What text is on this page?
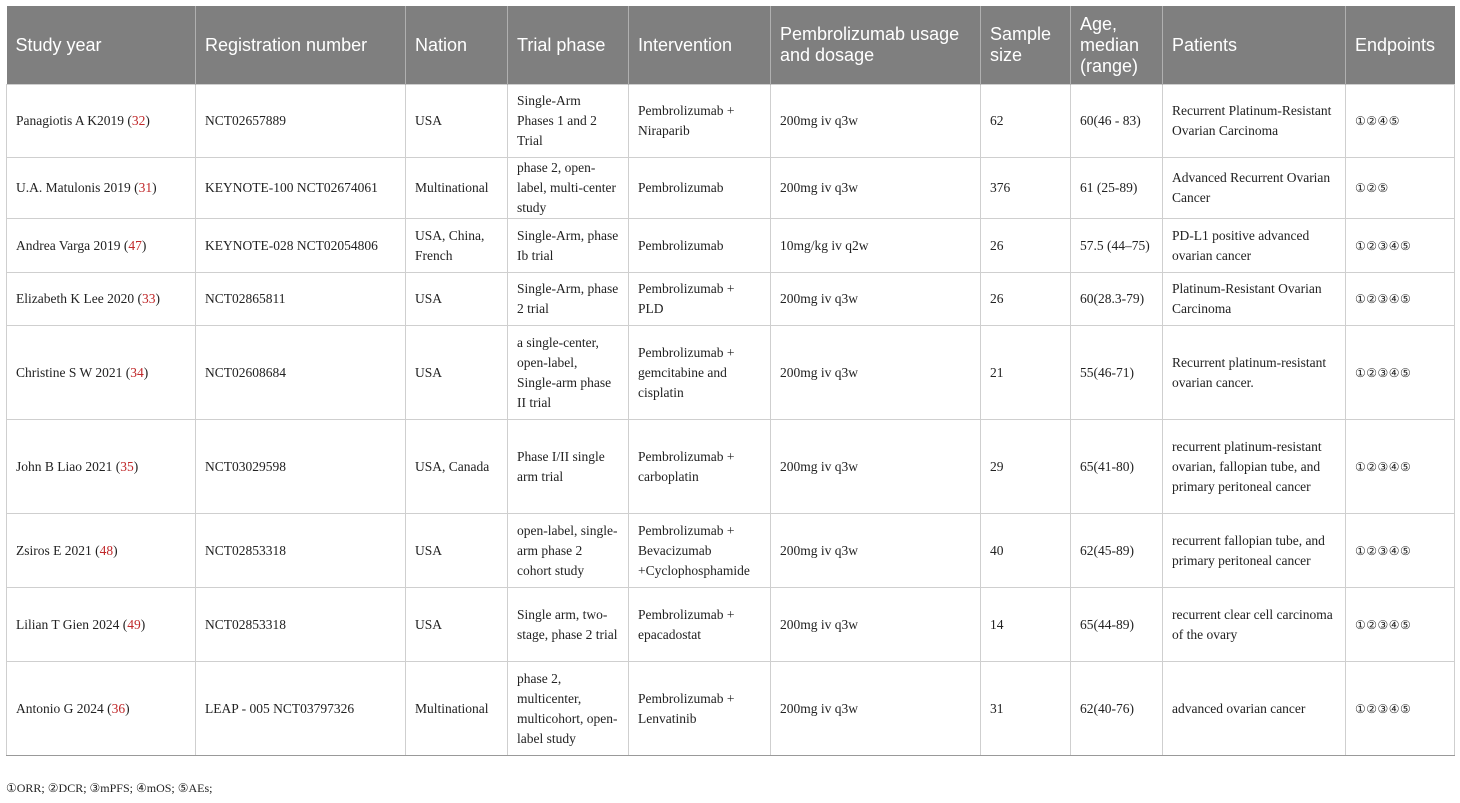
Study year	Registration number	Nation	Trial phase	Intervention	Pembrolizumab usage and dosage	Sample size	Age, median (range)	Patients	Endpoints
Panagiotis A K2019 (32)	NCT02657889	USA	Single-Arm Phases 1 and 2 Trial	Pembrolizumab + Niraparib	200mg iv q3w	62	60(46 - 83)	Recurrent Platinum-Resistant Ovarian Carcinoma	①②④⑤
U.A. Matulonis 2019 (31)	KEYNOTE-100 NCT02674061	Multinational	phase 2, open-label, multi-center study	Pembrolizumab	200mg iv q3w	376	61 (25-89)	Advanced Recurrent Ovarian Cancer	①②⑤
Andrea Varga 2019 (47)	KEYNOTE-028 NCT02054806	USA, China, French	Single-Arm, phase Ib trial	Pembrolizumab	10mg/kg iv q2w	26	57.5 (44–75)	PD-L1 positive advanced ovarian cancer	①②③④⑤
Elizabeth K Lee 2020 (33)	NCT02865811	USA	Single-Arm, phase 2 trial	Pembrolizumab + PLD	200mg iv q3w	26	60(28.3-79)	Platinum-Resistant Ovarian Carcinoma	①②③④⑤
Christine S W 2021 (34)	NCT02608684	USA	a single-center, open-label, Single-arm phase II trial	Pembrolizumab + gemcitabine and cisplatin	200mg iv q3w	21	55(46-71)	Recurrent platinum-resistant ovarian cancer.	①②③④⑤
John B Liao 2021 (35)	NCT03029598	USA, Canada	Phase I/II single arm trial	Pembrolizumab + carboplatin	200mg iv q3w	29	65(41-80)	recurrent platinum-resistant ovarian, fallopian tube, and primary peritoneal cancer	①②③④⑤
Zsiros E 2021 (48)	NCT02853318	USA	open-label, single-arm phase 2 cohort study	Pembrolizumab + Bevacizumab +Cyclophosphamide	200mg iv q3w	40	62(45-89)	recurrent fallopian tube, and primary peritoneal cancer	①②③④⑤
Lilian T Gien 2024 (49)	NCT02853318	USA	Single arm, two-stage, phase 2 trial	Pembrolizumab + epacadostat	200mg iv q3w	14	65(44-89)	recurrent clear cell carcinoma of the ovary	①②③④⑤
Antonio G 2024 (36)	LEAP - 005 NCT03797326	Multinational	phase 2, multicenter, multicohort, open-label study	Pembrolizumab + Lenvatinib	200mg iv q3w	31	62(40-76)	advanced ovarian cancer	①②③④⑤
①ORR; ②DCR; ③mPFS; ④mOS; ⑤AEs;
